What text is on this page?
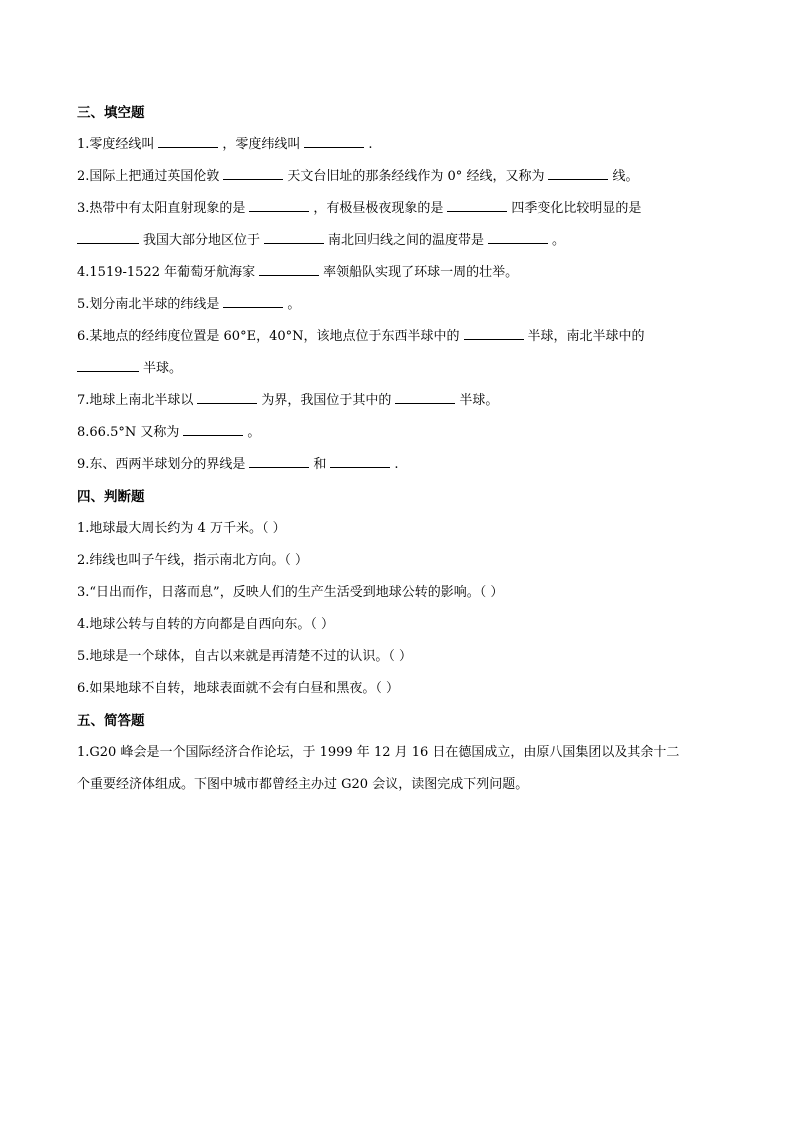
三、填空题
1.零度经线叫	，零度纬线叫	.
2.国际上把通过英国伦敦	天文台旧址的那条经线作为 0° 经线，又称为	线。
3.热带中有太阳直射现象的是	，有极昼极夜现象的是	四季变化比较明显的是
我国大部分地区位于	南北回归线之间的温度带是	。
4.1519-1522 年葡萄牙航海家	率领船队实现了环球一周的壮举。
5.划分南北半球的纬线是	。
6.某地点的经纬度位置是 60°E，40°N，该地点位于东西半球中的	半球，南北半球中的
半球。
7.地球上南北半球以	为界，我国位于其中的	半球。
8.66.5°N 又称为	。
9.东、西两半球划分的界线是	和	.
四、判断题
1.地球最大周长约为 4 万千米。（ ）
2.纬线也叫子午线，指示南北方向。（ ）
3.“日出而作，日落而息”，反映人们的生产生活受到地球公转的影响。（ ）
4.地球公转与自转的方向都是自西向东。（ ）
5.地球是一个球体，自古以来就是再清楚不过的认识。（ ）
6.如果地球不自转，地球表面就不会有白昼和黑夜。（ ）
五、简答题
1.G20 峰会是一个国际经济合作论坛，于 1999 年 12 月 16 日在德国成立，由原八国集团以及其余十二
个重要经济体组成。下图中城市都曾经主办过 G20 会议，读图完成下列问题。
